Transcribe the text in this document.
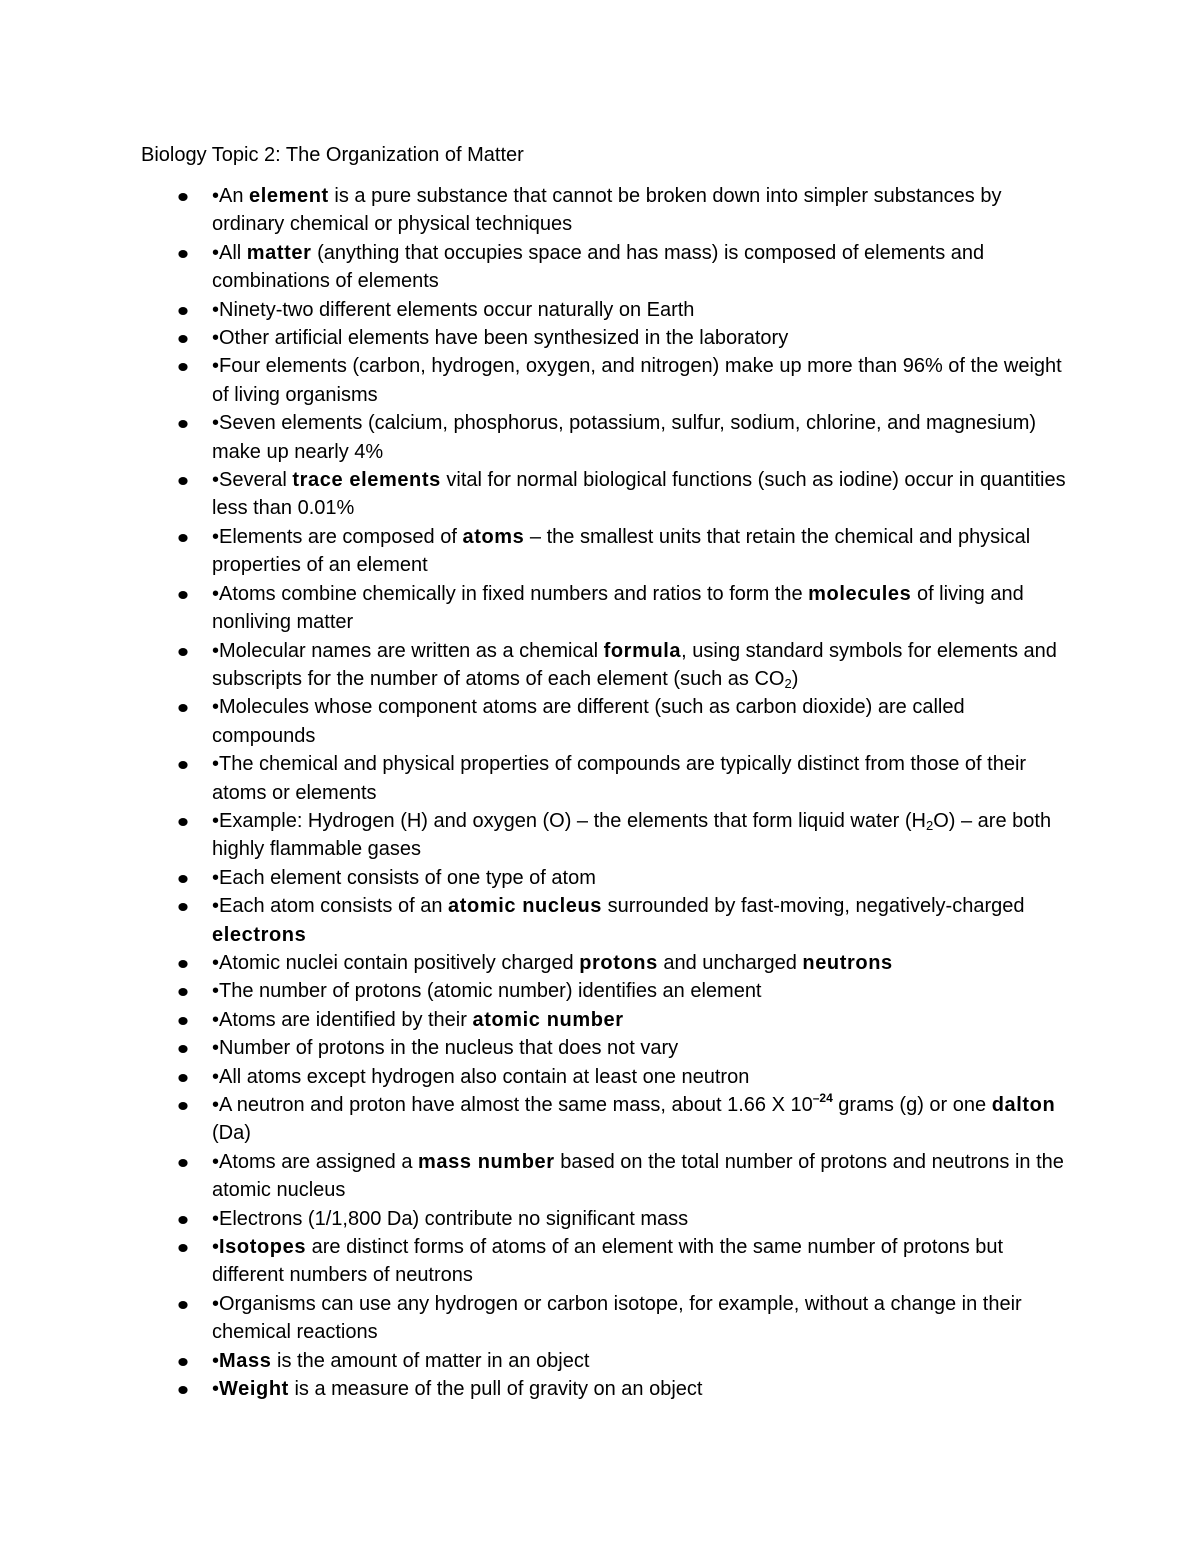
Biology Topic 2: The Organization of Matter
•An element is a pure substance that cannot be broken down into simpler substances by ordinary chemical or physical techniques
•All matter (anything that occupies space and has mass) is composed of elements and combinations of elements
•Ninety-two different elements occur naturally on Earth
•Other artificial elements have been synthesized in the laboratory
•Four elements (carbon, hydrogen, oxygen, and nitrogen) make up more than 96% of the weight of living organisms
•Seven elements (calcium, phosphorus, potassium, sulfur, sodium, chlorine, and magnesium) make up nearly 4%
•Several trace elements vital for normal biological functions (such as iodine) occur in quantities less than 0.01%
•Elements are composed of atoms – the smallest units that retain the chemical and physical properties of an element
•Atoms combine chemically in fixed numbers and ratios to form the molecules of living and nonliving matter
•Molecular names are written as a chemical formula, using standard symbols for elements and subscripts for the number of atoms of each element (such as $CO_2$)
•Molecules whose component atoms are different (such as carbon dioxide) are called compounds
•The chemical and physical properties of compounds are typically distinct from those of their atoms or elements
•Example: Hydrogen (H) and oxygen (O) – the elements that form liquid water $(H_2O)$ – are both highly flammable gases
•Each element consists of one type of atom
•Each atom consists of an atomic nucleus surrounded by fast-moving, negatively-charged electrons
•Atomic nuclei contain positively charged protons and uncharged neutrons
•The number of protons (atomic number) identifies an element
•Atoms are identified by their atomic number
•Number of protons in the nucleus that does not vary
•All atoms except hydrogen also contain at least one neutron
•A neutron and proton have almost the same mass, about 1.66 X $10^{-24}$ grams (g) or one dalton (Da)
•Atoms are assigned a mass number based on the total number of protons and neutrons in the atomic nucleus
•Electrons (1/1,800 Da) contribute no significant mass
•Isotopes are distinct forms of atoms of an element with the same number of protons but different numbers of neutrons
•Organisms can use any hydrogen or carbon isotope, for example, without a change in their chemical reactions
•Mass is the amount of matter in an object
•Weight is a measure of the pull of gravity on an object
